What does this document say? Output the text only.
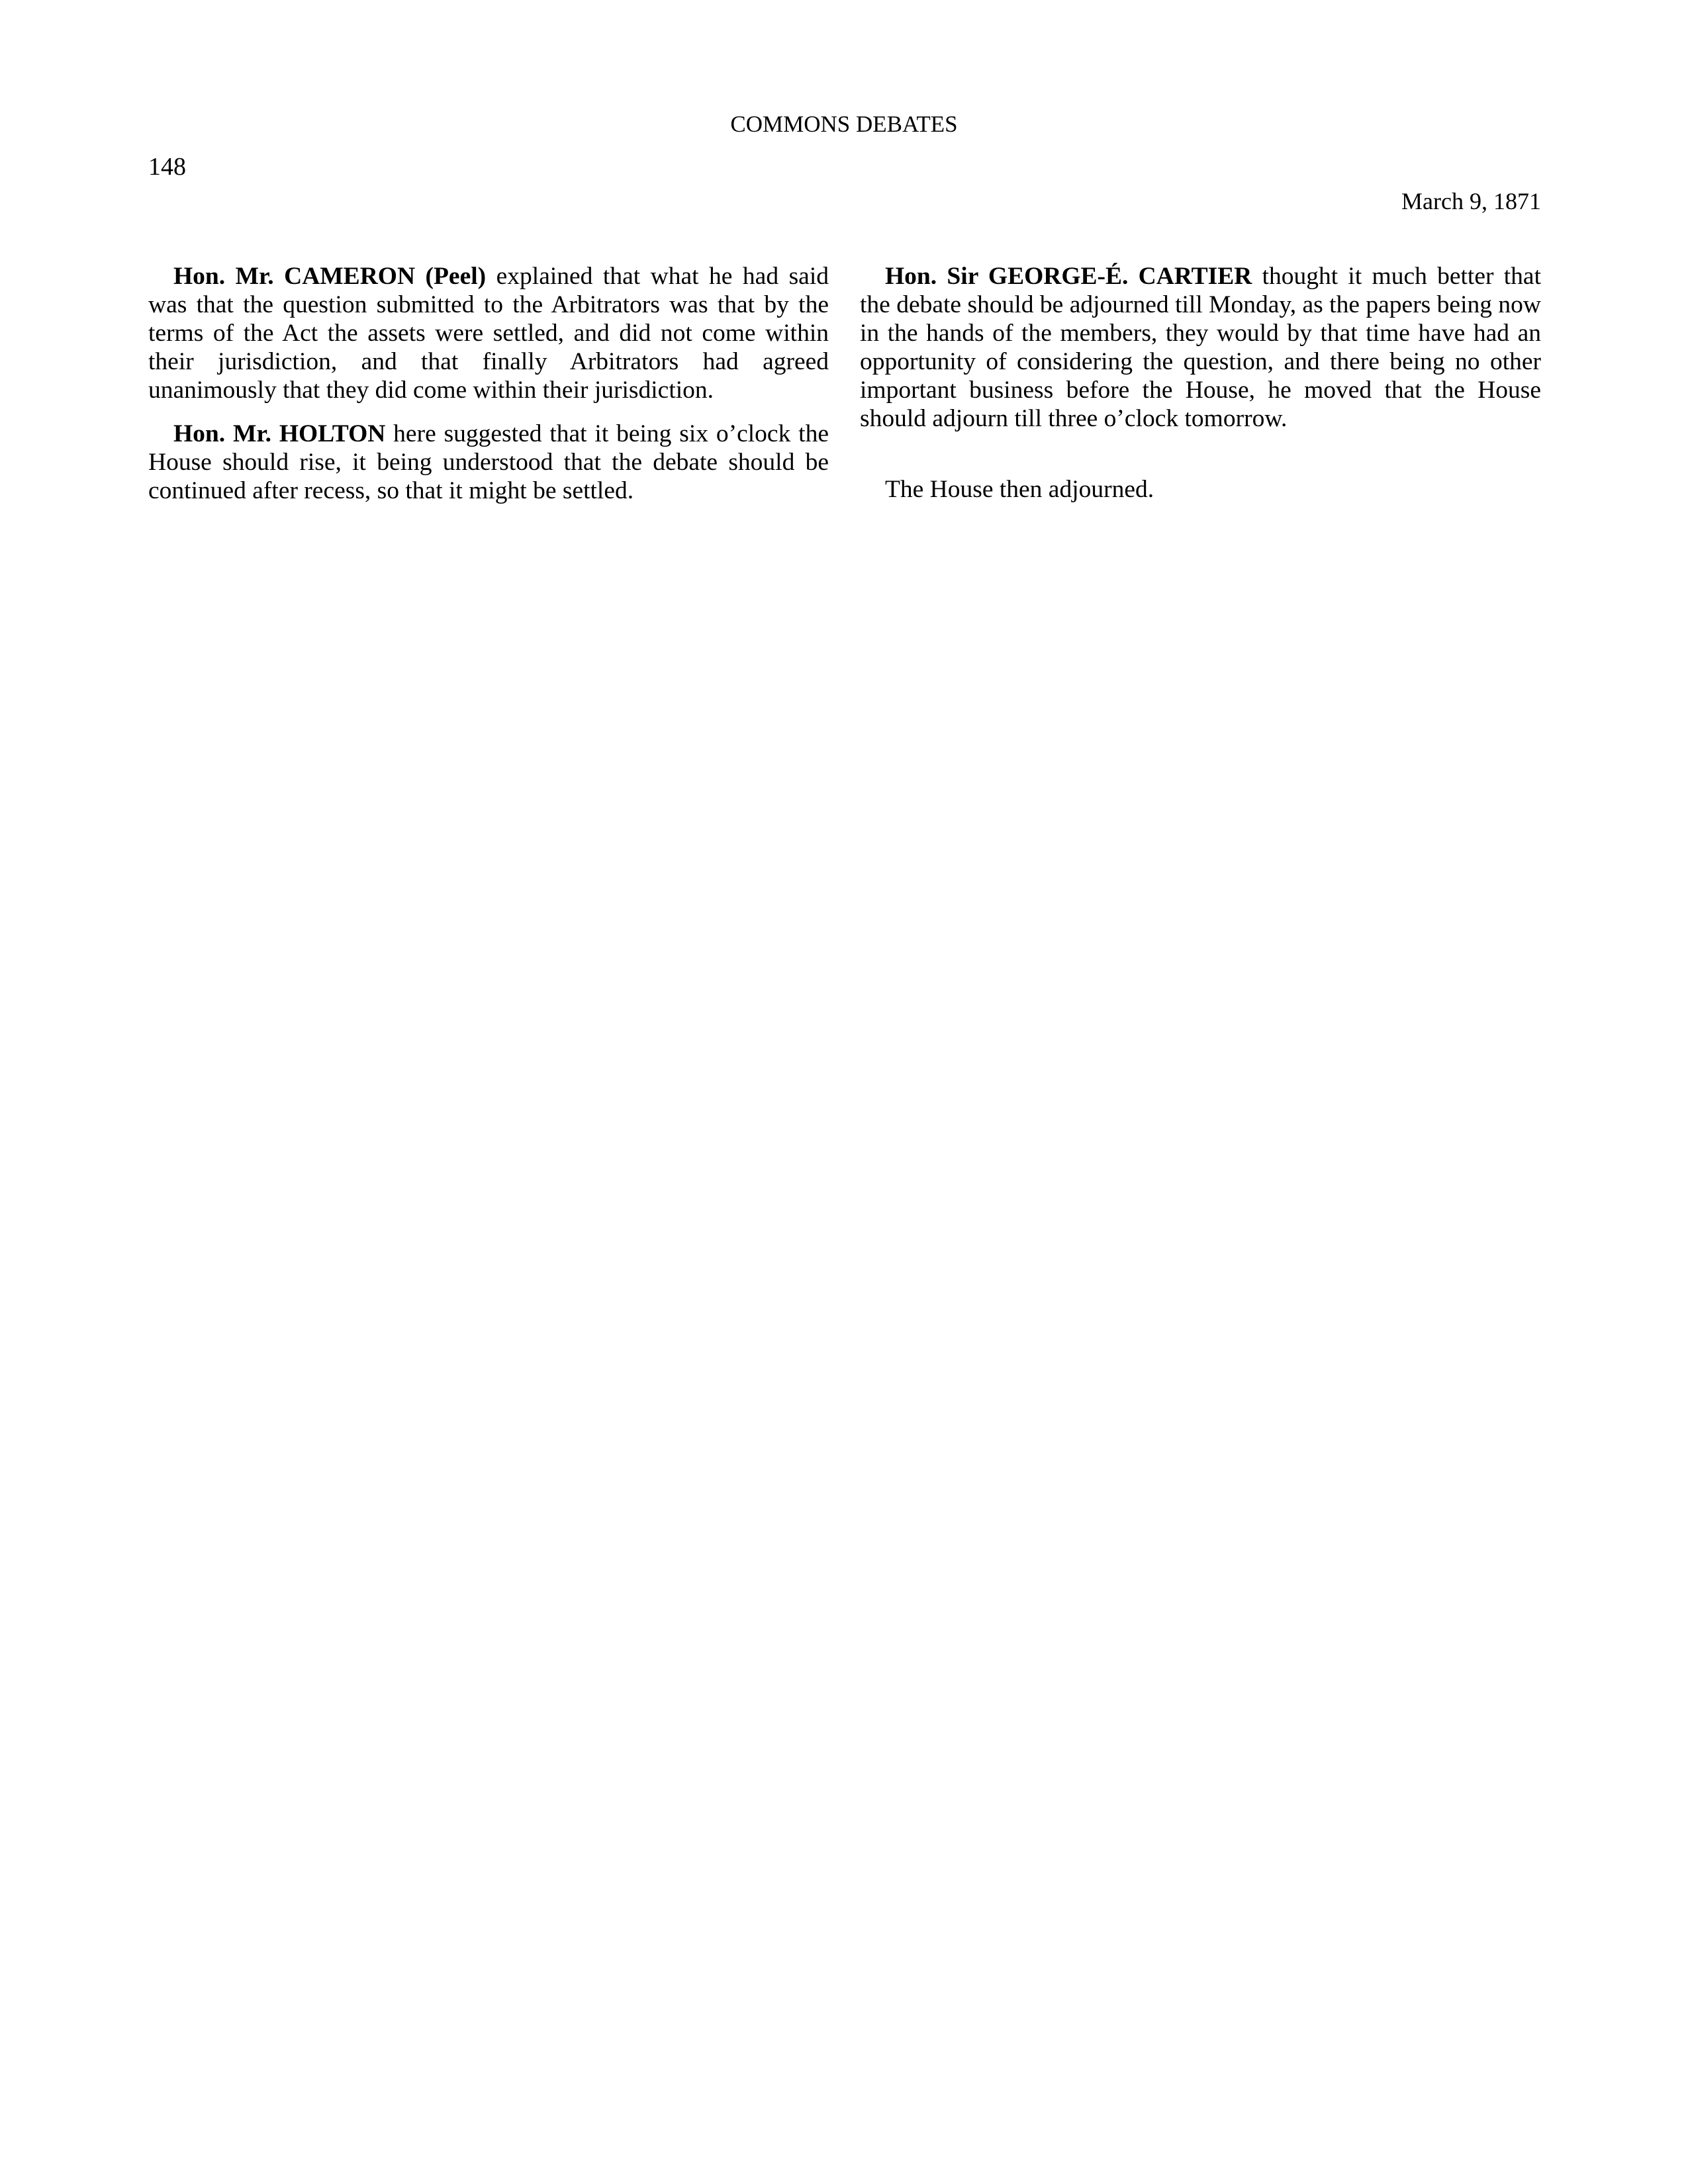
COMMONS DEBATES
148
March 9, 1871

Hon. Mr. CAMERON (Peel) explained that what he had said was that the question submitted to the Arbitrators was that by the terms of the Act the assets were settled, and did not come within their jurisdiction, and that finally Arbitrators had agreed unanimously that they did come within their jurisdiction.

Hon. Mr. HOLTON here suggested that it being six o’clock the House should rise, it being understood that the debate should be continued after recess, so that it might be settled.

Hon. Sir GEORGE-É. CARTIER thought it much better that the debate should be adjourned till Monday, as the papers being now in the hands of the members, they would by that time have had an opportunity of considering the question, and there being no other important business before the House, he moved that the House should adjourn till three o’clock tomorrow.

The House then adjourned.
